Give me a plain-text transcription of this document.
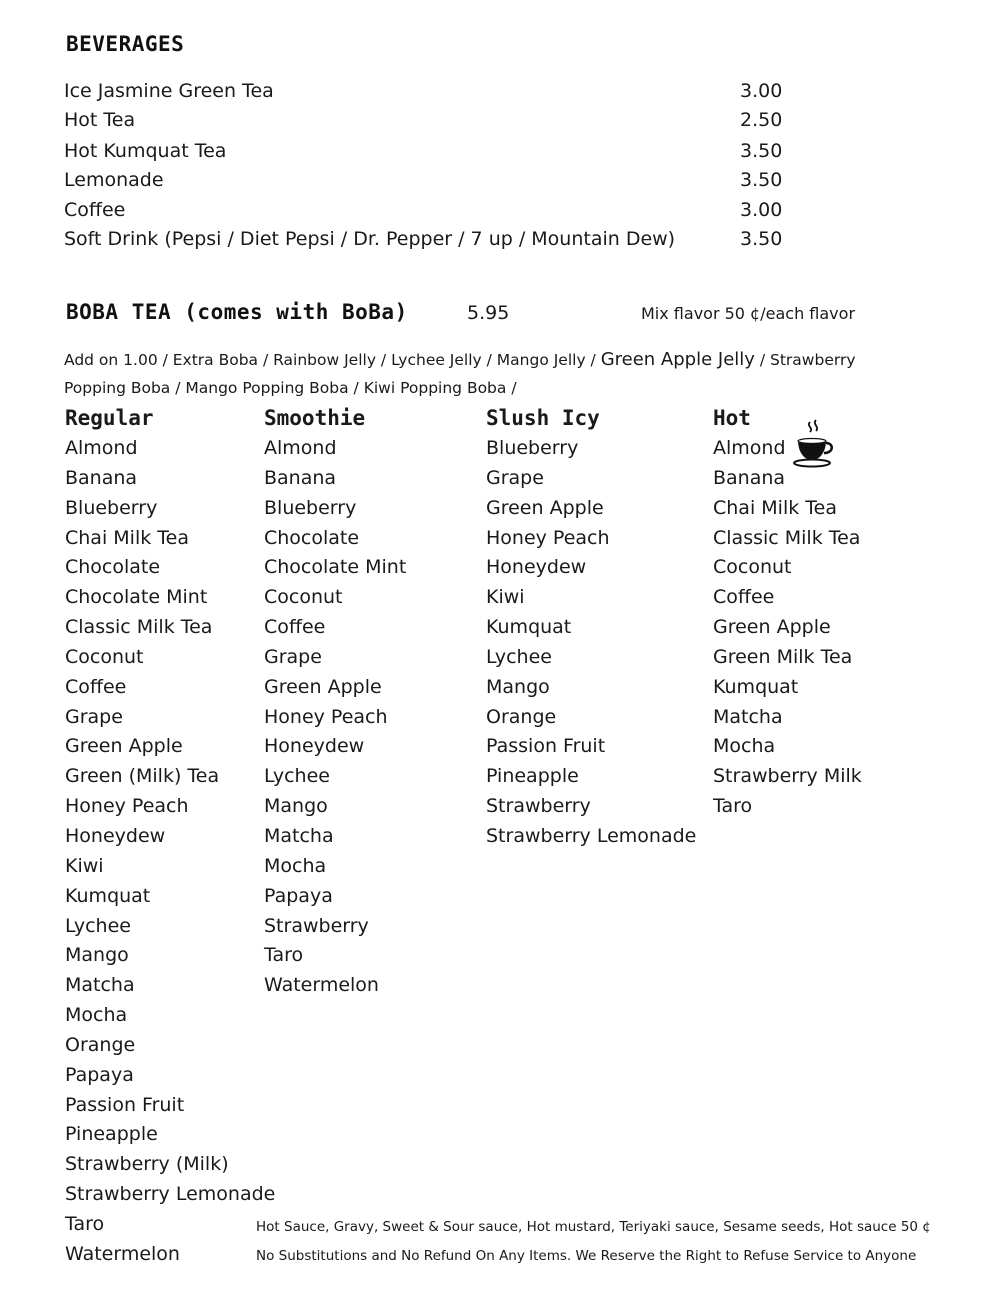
BEVERAGES
Ice Jasmine Green Tea	3.00
Hot Tea	2.50
Hot Kumquat Tea	3.50
Lemonade	3.50
Coffee	3.00
Soft Drink (Pepsi / Diet Pepsi / Dr. Pepper / 7 up / Mountain Dew)	3.50
BOBA TEA (comes with BoBa)	5.95	Mix flavor 50 ¢/each flavor
Add on 1.00 / Extra Boba / Rainbow Jelly / Lychee Jelly / Mango Jelly / Green Apple Jelly / Strawberry
Popping Boba / Mango Popping Boba / Kiwi Popping Boba /
Regular
Almond
Banana
Blueberry
Chai Milk Tea
Chocolate
Chocolate Mint
Classic Milk Tea
Coconut
Coffee
Grape
Green Apple
Green (Milk) Tea
Honey Peach
Honeydew
Kiwi
Kumquat
Lychee
Mango
Matcha
Mocha
Orange
Papaya
Passion Fruit
Pineapple
Strawberry (Milk)
Strawberry Lemonade
Taro
Watermelon
Smoothie
Almond
Banana
Blueberry
Chocolate
Chocolate Mint
Coconut
Coffee
Grape
Green Apple
Honey Peach
Honeydew
Lychee
Mango
Matcha
Mocha
Papaya
Strawberry
Taro
Watermelon
Slush Icy
Blueberry
Grape
Green Apple
Honey Peach
Honeydew
Kiwi
Kumquat
Lychee
Mango
Orange
Passion Fruit
Pineapple
Strawberry
Strawberry Lemonade
Hot
Almond
Banana
Chai Milk Tea
Classic Milk Tea
Coconut
Coffee
Green Apple
Green Milk Tea
Kumquat
Matcha
Mocha
Strawberry Milk
Taro
Hot Sauce, Gravy, Sweet & Sour sauce, Hot mustard, Teriyaki sauce, Sesame seeds, Hot sauce 50 ¢
No Substitutions and No Refund On Any Items. We Reserve the Right to Refuse Service to Anyone
